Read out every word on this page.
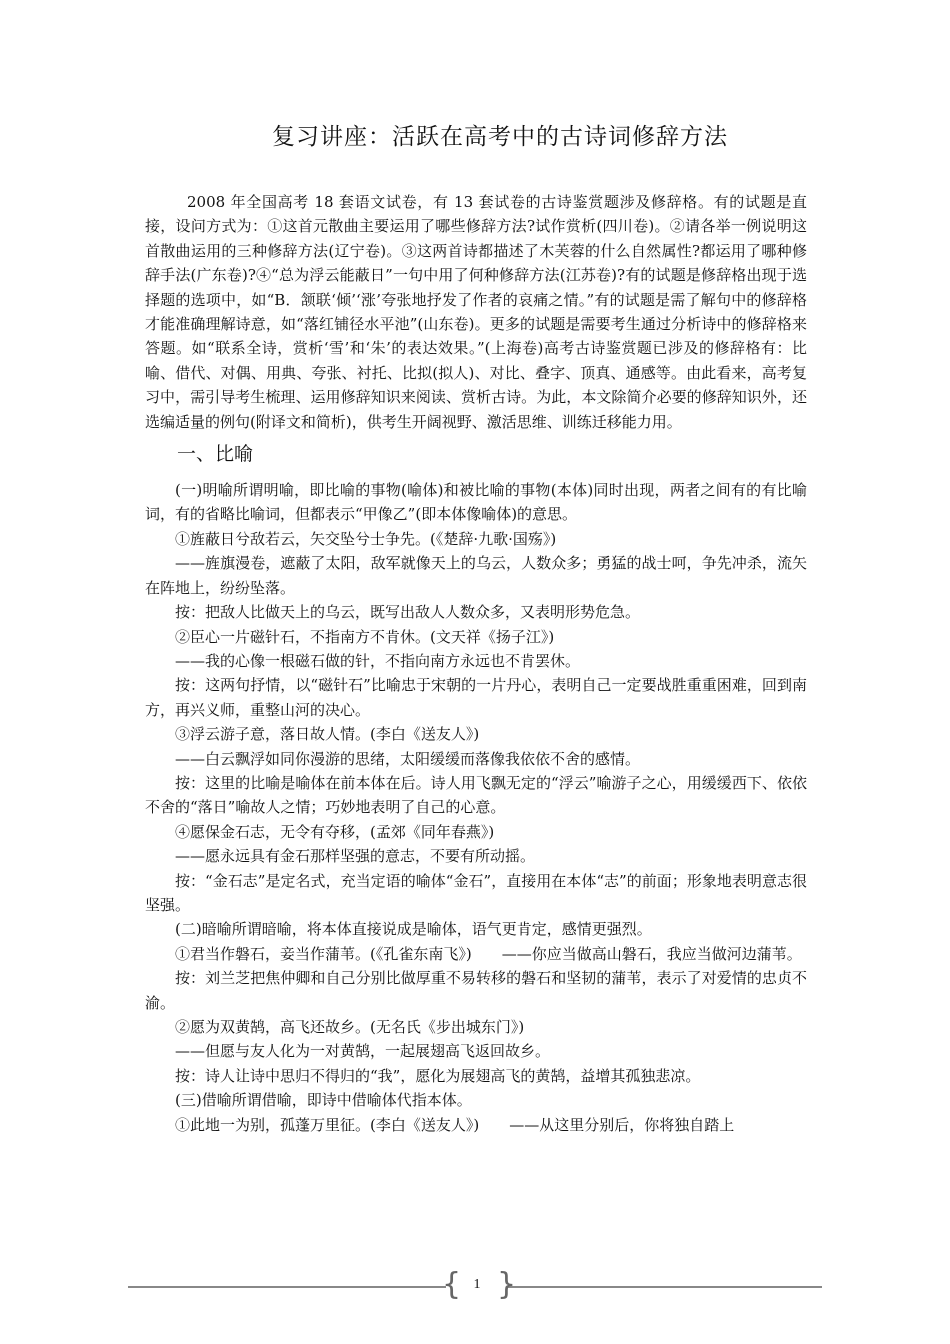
复习讲座：活跃在高考中的古诗词修辞方法

2008 年全国高考 18 套语文试卷，有 13 套试卷的古诗鉴赏题涉及修辞格。有的试题是直接，设问方式为：①这首元散曲主要运用了哪些修辞方法?试作赏析(四川卷)。②请各举一例说明这首散曲运用的三种修辞方法(辽宁卷)。③这两首诗都描述了木芙蓉的什么自然属性?都运用了哪种修辞手法(广东卷)?④“总为浮云能蔽日”一句中用了何种修辞方法(江苏卷)?有的试题是修辞格出现于选择题的选项中，如“B．颔联‘倾’‘涨’夸张地抒发了作者的哀痛之情。”有的试题是需了解句中的修辞格才能准确理解诗意，如“落红铺径水平池”(山东卷)。更多的试题是需要考生通过分析诗中的修辞格来答题。如“联系全诗，赏析‘雪’和‘朱’的表达效果。”(上海卷)高考古诗鉴赏题已涉及的修辞格有：比喻、借代、对偶、用典、夸张、衬托、比拟(拟人)、对比、叠字、顶真、通感等。由此看来，高考复习中，需引导考生梳理、运用修辞知识来阅读、赏析古诗。为此，本文除简介必要的修辞知识外，还选编适量的例句(附译文和简析)，供考生开阔视野、激活思维、训练迁移能力用。

一、比喻

(一)明喻所谓明喻，即比喻的事物(喻体)和被比喻的事物(本体)同时出现，两者之间有的有比喻词，有的省略比喻词，但都表示“甲像乙”(即本体像喻体)的意思。

①旌蔽日兮敌若云，矢交坠兮士争先。(《楚辞·九歌·国殇》)

——旌旗漫卷，遮蔽了太阳，敌军就像天上的乌云，人数众多；勇猛的战士呵，争先冲杀，流矢在阵地上，纷纷坠落。

按：把敌人比做天上的乌云，既写出敌人人数众多，又表明形势危急。

②臣心一片磁针石，不指南方不肯休。(文天祥《扬子江》)

——我的心像一根磁石做的针，不指向南方永远也不肯罢休。

按：这两句抒情，以“磁针石”比喻忠于宋朝的一片丹心，表明自己一定要战胜重重困难，回到南方，再兴义师，重整山河的决心。

③浮云游子意，落日故人情。(李白《送友人》)

——白云飘浮如同你漫游的思绪，太阳缓缓而落像我依依不舍的感情。

按：这里的比喻是喻体在前本体在后。诗人用飞飘无定的“浮云”喻游子之心，用缓缓西下、依依不舍的“落日”喻故人之情；巧妙地表明了自己的心意。

④愿保金石志，无令有夺移，(孟郊《同年春燕》)

——愿永远具有金石那样坚强的意志，不要有所动摇。

按：“金石志”是定名式，充当定语的喻体“金石”，直接用在本体“志”的前面；形象地表明意志很坚强。

(二)暗喻所谓暗喻，将本体直接说成是喻体，语气更肯定，感情更强烈。

①君当作磐石，妾当作蒲苇。(《孔雀东南飞》)　　——你应当做高山磐石，我应当做河边蒲苇。

按：刘兰芝把焦仲卿和自己分别比做厚重不易转移的磐石和坚韧的蒲苇，表示了对爱情的忠贞不渝。

②愿为双黄鹄，高飞还故乡。(无名氏《步出城东门》)

——但愿与友人化为一对黄鹄，一起展翅高飞返回故乡。

按：诗人让诗中思归不得归的“我”，愿化为展翅高飞的黄鹄，益增其孤独悲凉。

(三)借喻所谓借喻，即诗中借喻体代指本体。

①此地一为别，孤蓬万里征。(李白《送友人》)　　——从这里分别后，你将独自踏上

{ }
1
